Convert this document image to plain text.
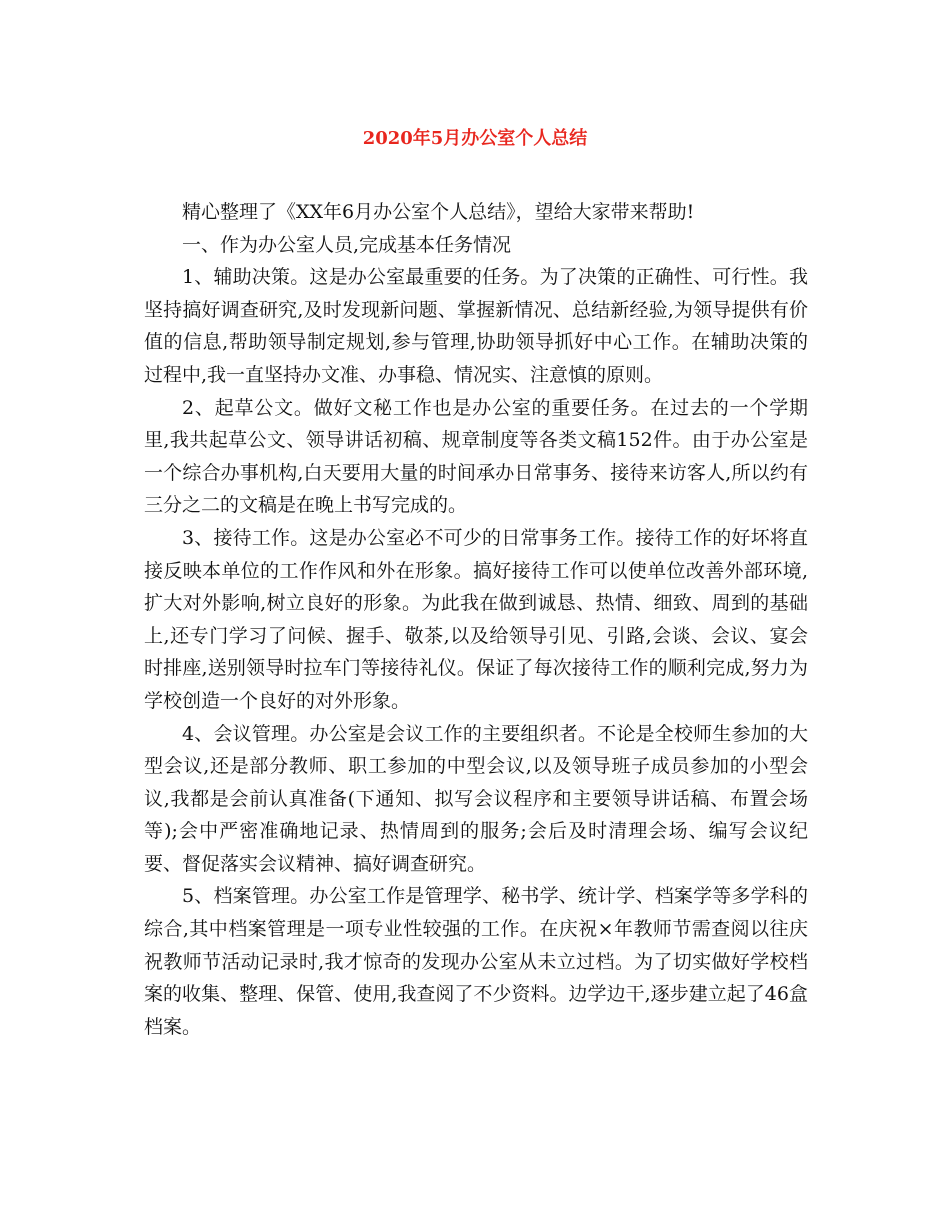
2020年5月办公室个人总结

精心整理了《XX年6月办公室个人总结》，望给大家带来帮助!

一、作为办公室人员,完成基本任务情况

1、辅助决策。这是办公室最重要的任务。为了决策的正确性、可行性。我坚持搞好调查研究,及时发现新问题、掌握新情况、总结新经验,为领导提供有价值的信息,帮助领导制定规划,参与管理,协助领导抓好中心工作。在辅助决策的过程中,我一直坚持办文准、办事稳、情况实、注意慎的原则。

2、起草公文。做好文秘工作也是办公室的重要任务。在过去的一个学期里,我共起草公文、领导讲话初稿、规章制度等各类文稿152件。由于办公室是一个综合办事机构,白天要用大量的时间承办日常事务、接待来访客人,所以约有三分之二的文稿是在晚上书写完成的。

3、接待工作。这是办公室必不可少的日常事务工作。接待工作的好坏将直接反映本单位的工作作风和外在形象。搞好接待工作可以使单位改善外部环境,扩大对外影响,树立良好的形象。为此我在做到诚恳、热情、细致、周到的基础上,还专门学习了问候、握手、敬茶,以及给领导引见、引路,会谈、会议、宴会时排座,送别领导时拉车门等接待礼仪。保证了每次接待工作的顺利完成,努力为学校创造一个良好的对外形象。

4、会议管理。办公室是会议工作的主要组织者。不论是全校师生参加的大型会议,还是部分教师、职工参加的中型会议,以及领导班子成员参加的小型会议,我都是会前认真准备(下通知、拟写会议程序和主要领导讲话稿、布置会场等);会中严密准确地记录、热情周到的服务;会后及时清理会场、编写会议纪要、督促落实会议精神、搞好调查研究。

5、档案管理。办公室工作是管理学、秘书学、统计学、档案学等多学科的综合,其中档案管理是一项专业性较强的工作。在庆祝×年教师节需查阅以往庆祝教师节活动记录时,我才惊奇的发现办公室从未立过档。为了切实做好学校档案的收集、整理、保管、使用,我查阅了不少资料。边学边干,逐步建立起了46盒档案。
